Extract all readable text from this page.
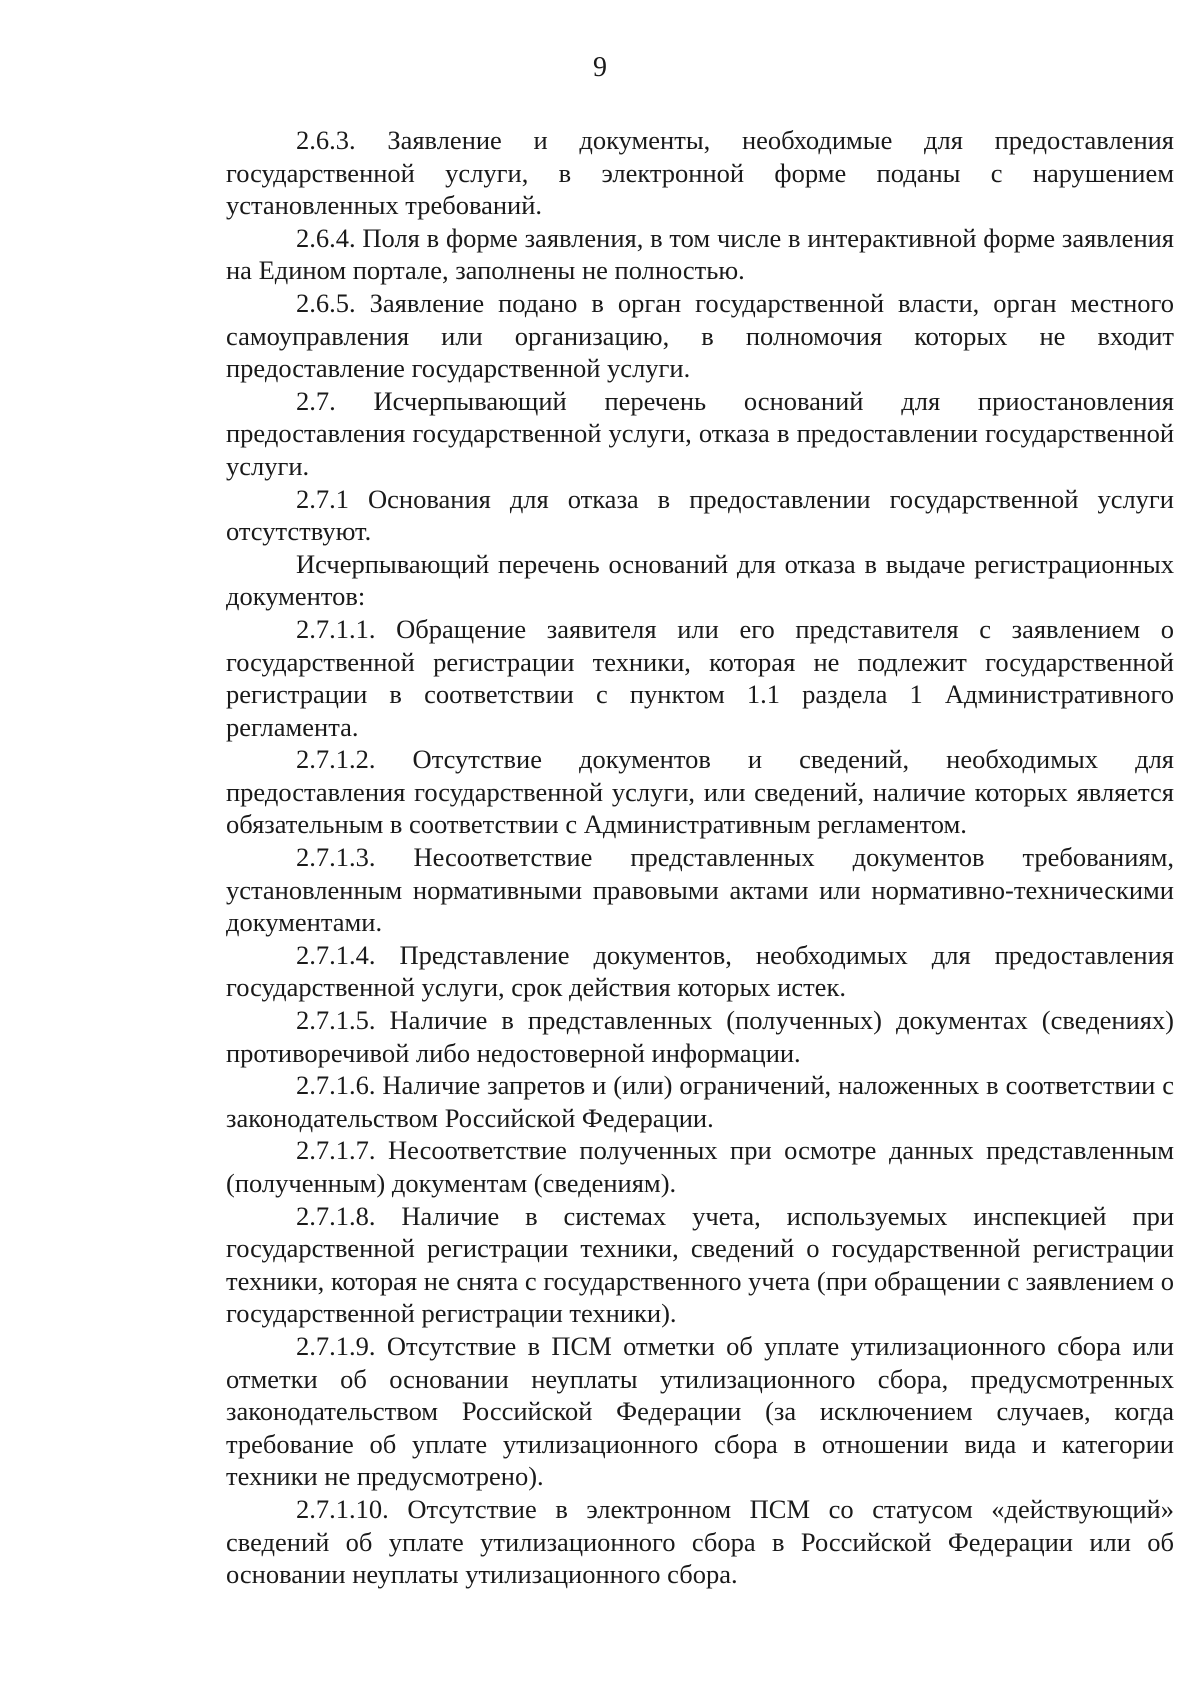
9

2.6.3. Заявление и документы, необходимые для предоставления государственной услуги, в электронной форме поданы с нарушением установленных требований.

2.6.4. Поля в форме заявления, в том числе в интерактивной форме заявления на Едином портале, заполнены не полностью.

2.6.5. Заявление подано в орган государственной власти, орган местного самоуправления или организацию, в полномочия которых не входит предоставление государственной услуги.

2.7. Исчерпывающий перечень оснований для приостановления предоставления государственной услуги, отказа в предоставлении государственной услуги.

2.7.1 Основания для отказа в предоставлении государственной услуги отсутствуют.

Исчерпывающий перечень оснований для отказа в выдаче регистрационных документов:

2.7.1.1. Обращение заявителя или его представителя с заявлением о государственной регистрации техники, которая не подлежит государственной регистрации в соответствии с пунктом 1.1 раздела 1 Административного регламента.

2.7.1.2. Отсутствие документов и сведений, необходимых для предоставления государственной услуги, или сведений, наличие которых является обязательным в соответствии с Административным регламентом.

2.7.1.3. Несоответствие представленных документов требованиям, установленным нормативными правовыми актами или нормативно-техническими документами.

2.7.1.4. Представление документов, необходимых для предоставления государственной услуги, срок действия которых истек.

2.7.1.5. Наличие в представленных (полученных) документах (сведениях) противоречивой либо недостоверной информации.

2.7.1.6. Наличие запретов и (или) ограничений, наложенных в соответствии с законодательством Российской Федерации.

2.7.1.7. Несоответствие полученных при осмотре данных представленным (полученным) документам (сведениям).

2.7.1.8. Наличие в системах учета, используемых инспекцией при государственной регистрации техники, сведений о государственной регистрации техники, которая не снята с государственного учета (при обращении с заявлением о государственной регистрации техники).

2.7.1.9. Отсутствие в ПСМ отметки об уплате утилизационного сбора или отметки об основании неуплаты утилизационного сбора, предусмотренных законодательством Российской Федерации (за исключением случаев, когда требование об уплате утилизационного сбора в отношении вида и категории техники не предусмотрено).

2.7.1.10. Отсутствие в электронном ПСМ со статусом «действующий» сведений об уплате утилизационного сбора в Российской Федерации или об основании неуплаты утилизационного сбора.
